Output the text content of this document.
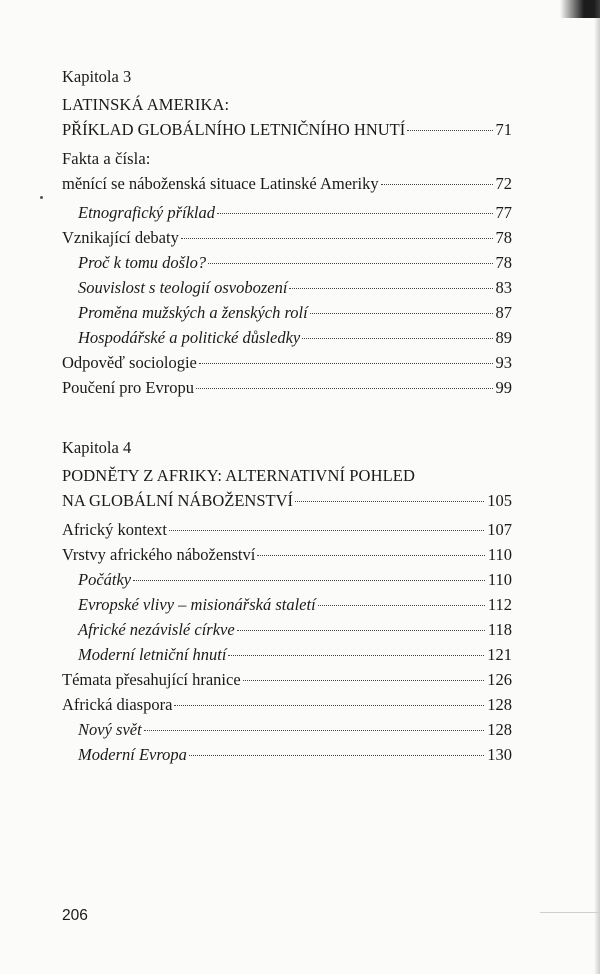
Kapitola 3
LATINSKÁ AMERIKA:
PŘÍKLAD GLOBÁLNÍHO LETNIČNÍHO HNUTÍ	71
Fakta a čísla:
měnící se náboženská situace Latinské Ameriky	72
Etnografický příklad	77
Vznikající debaty	78
Proč k tomu došlo?	78
Souvislost s teologií osvobození	83
Proměna mužských a ženských rolí	87
Hospodářské a politické důsledky	89
Odpověď sociologie	93
Poučení pro Evropu	99
Kapitola 4
PODNĚTY Z AFRIKY: ALTERNATIVNÍ POHLED
NA GLOBÁLNÍ NÁBOŽENSTVÍ	105
Africký kontext	107
Vrstvy afrického náboženství	110
Počátky	110
Evropské vlivy – misionářská staletí	112
Africké nezávislé církve	118
Moderní letniční hnutí	121
Témata přesahující hranice	126
Africká diaspora	128
Nový svět	128
Moderní Evropa	130
206
